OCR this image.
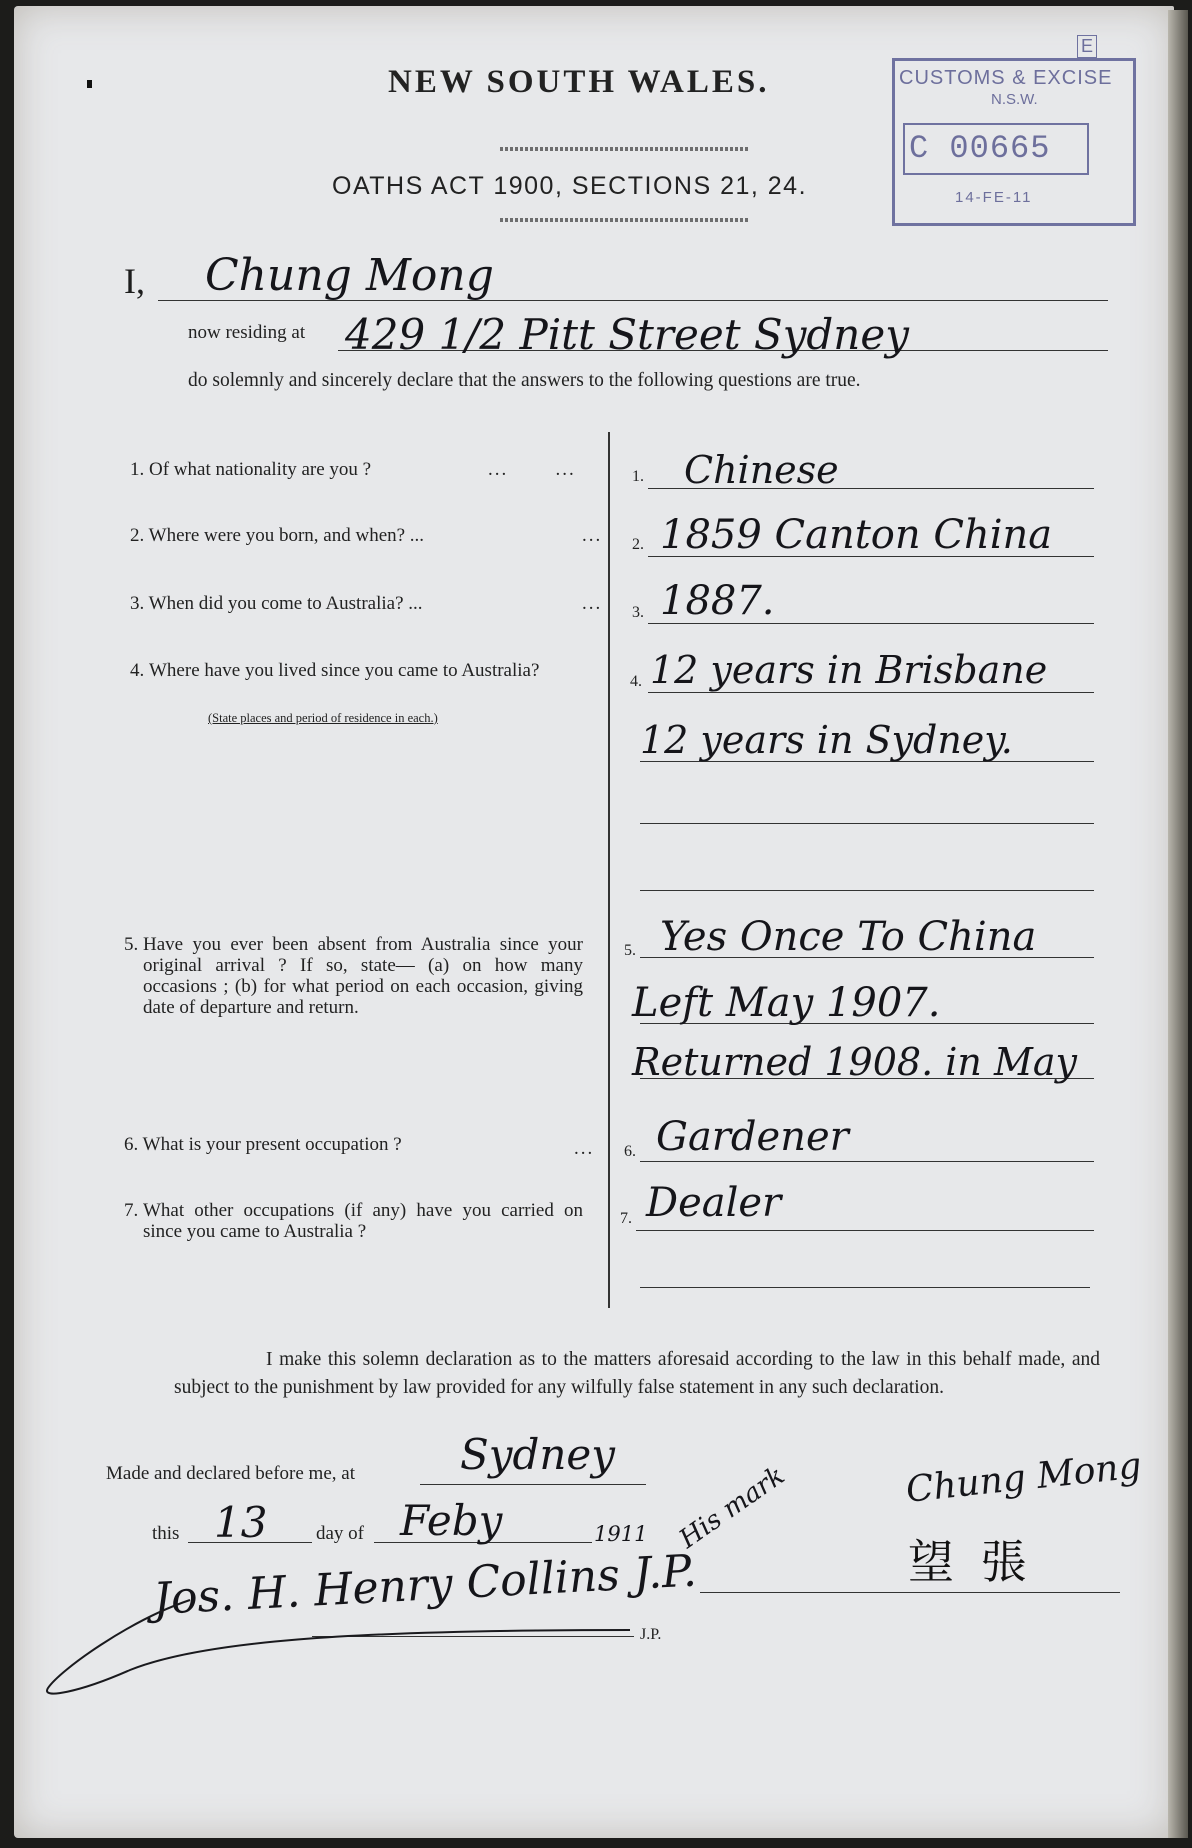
NEW SOUTH WALES.
OATHS ACT 1900, SECTIONS 21, 24.
CUSTOMS & EXCISE
N.S.W.
C 00665
14-FE-11
E
I, Chung Mong
now residing at 429 1/2 Pitt Street Sydney
do solemnly and sincerely declare that the answers to the following questions are true.
1. Of what nationality are you ?	...       ...	1. Chinese
2. Where were you born, and when? ...	... 2. 1859 Canton China
3. When did you come to Australia? ...	... 3. 1887.
4. Where have you lived since you came to Australia?
(State places and period of residence in each.)
4. 12 years in Brisbane
12 years in Sydney.
5. Have you ever been absent from Australia since your original arrival ? If so, state— (a) on how many occasions ; (b) for what period on each occasion, giving date of departure and return.
5. Yes Once To China
Left May 1907.
Returned 1908. in May
6. What is your present occupation ?	... 6. Gardener
7. What other occupations (if any) have you carried on since you came to Australia ?
7. Dealer
I make this solemn declaration as to the matters aforesaid according to the law in this behalf made, and subject to the punishment by law provided for any wilfully false statement in any such declaration.
Made and declared before me, at	Sydney
this 13	day of Feby	1911
Jos. H. Henry Collins J.P.
J.P.
His mark	Chung Mong
望 張
